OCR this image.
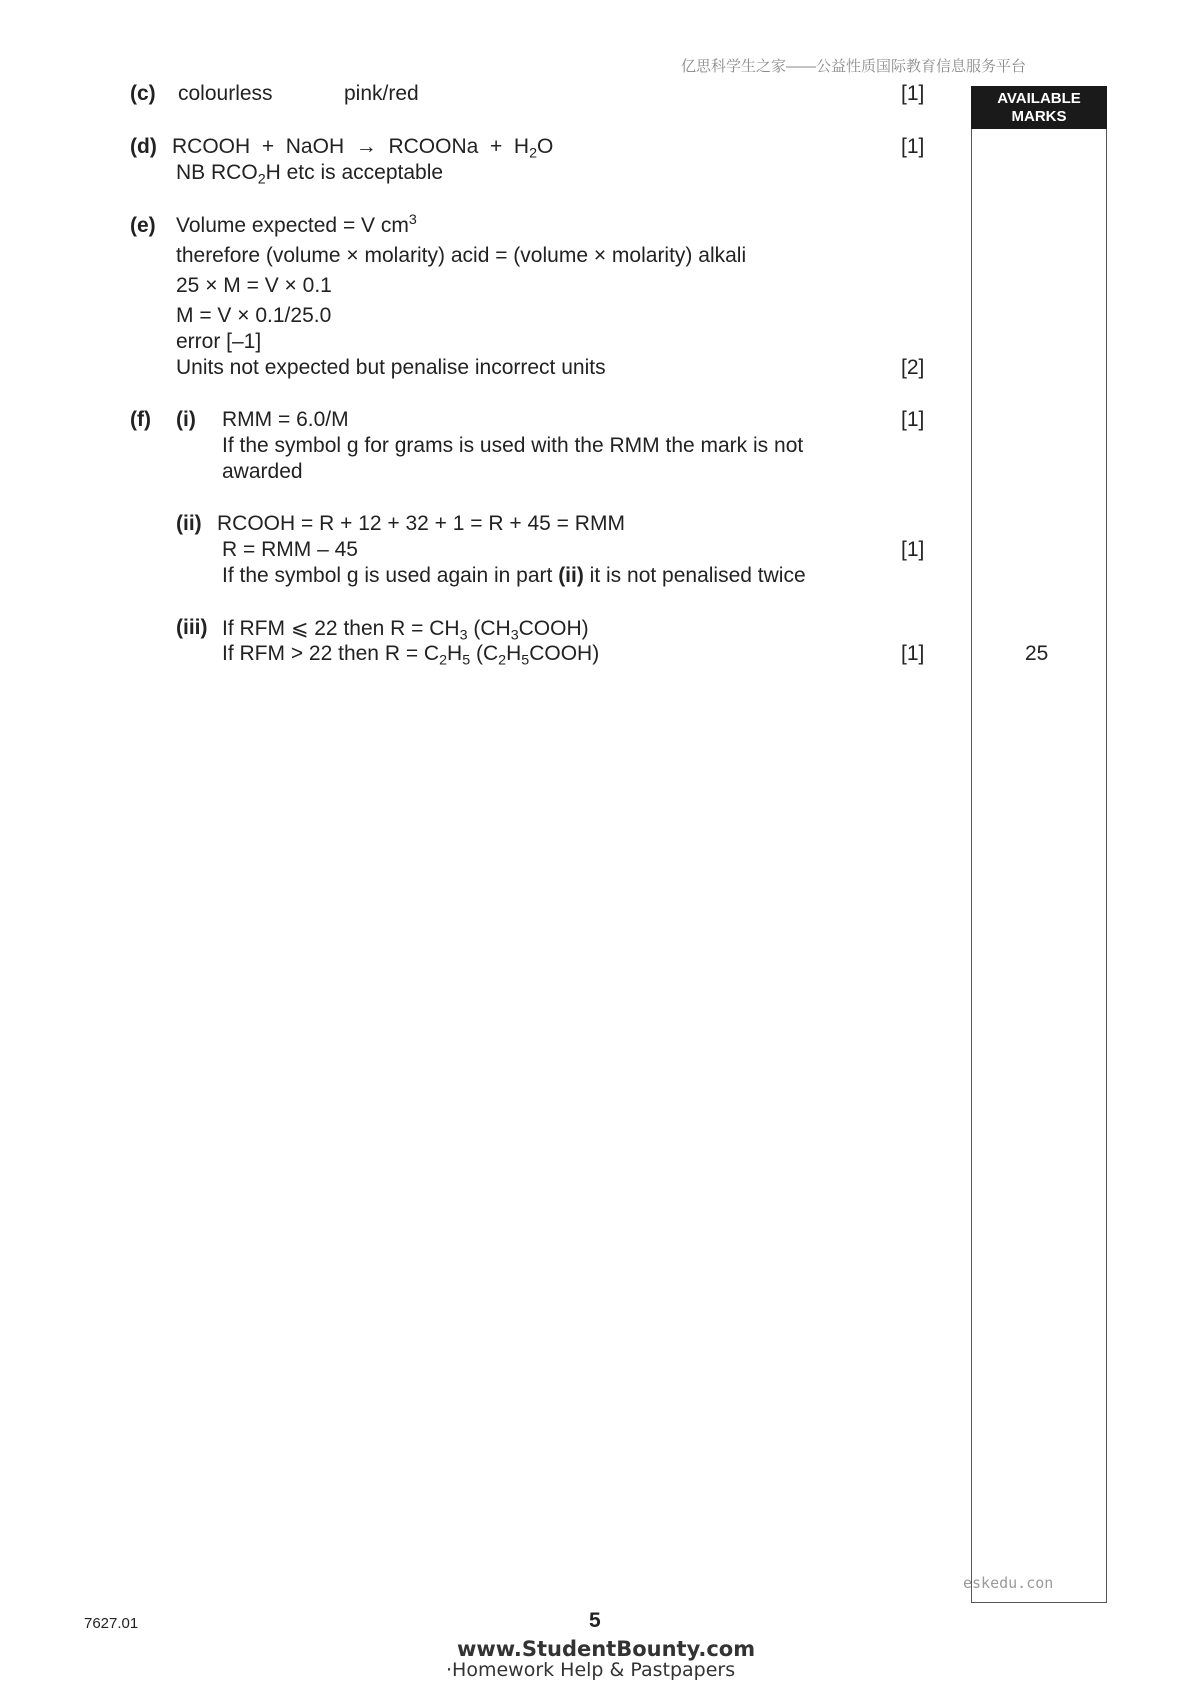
亿思科学生之家——公益性质国际教育信息服务平台
AVAILABLE
MARKS
(c) colourless	pink/red	[1]
(d) RCOOH  +  NaOH → RCOONa  +  $H_2O$
NB $RCO_2H$ etc is acceptable
[1]
(e) Volume expected = V $cm^3$
therefore (volume × molarity) acid = (volume × molarity) alkali
25 × M = V × 0.1
M = V × 0.1/25.0
error [–1]
Units not expected but penalise incorrect units	[2]
(f) (i) RMM = 6.0/M
If the symbol g for grams is used with the RMM the mark is not
awarded
[1]
(ii) RCOOH = R + 12 + 32 + 1 = R + 45 = RMM
R = RMM – 45
If the symbol g is used again in part (ii) it is not penalised twice
[1]
(iii) If RFM ⩽ 22 then $R = CH_3$ $(CH_3COOH)$
If RFM > 22 then $R = C_2H_5$ $(C_2H_5COOH)$	[1]	25
eskedu.con
7627.01	5
www.StudentBounty.com
·Homework Help & Pastpapers
